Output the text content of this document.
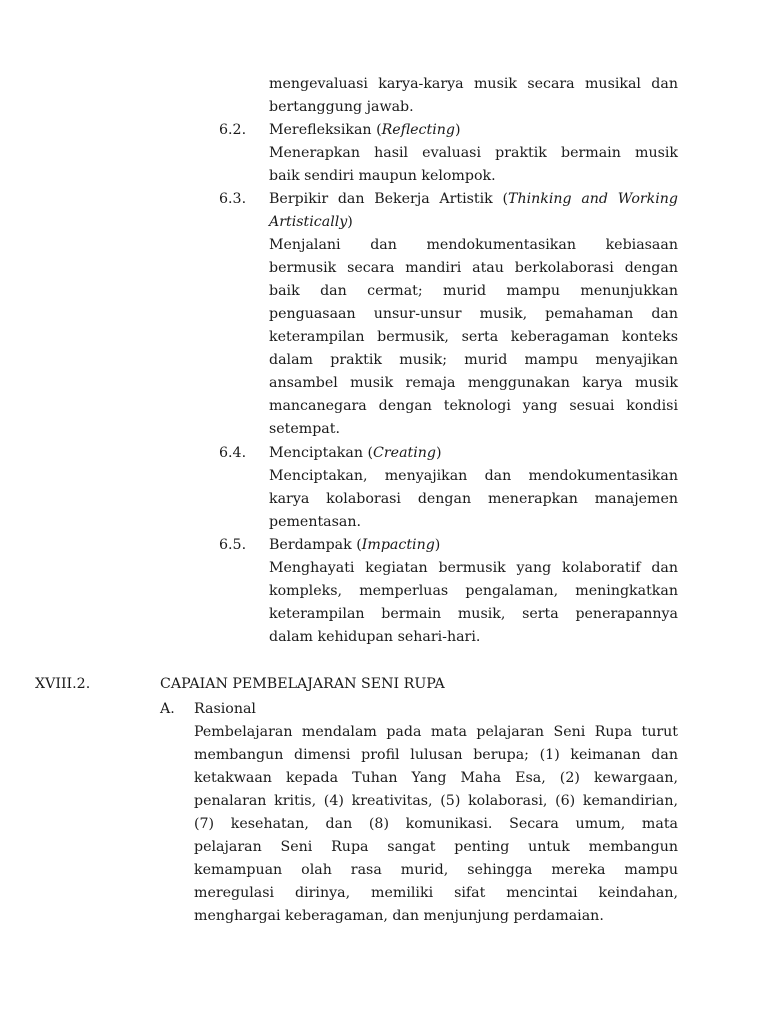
mengevaluasi karya-karya musik secara musikal dan

bertanggung jawab.

6.2. Merefleksikan (Reflecting)

Menerapkan hasil evaluasi praktik bermain musik

baik sendiri maupun kelompok.

6.3. Berpikir dan Bekerja Artistik (Thinking and Working

Artistically)

Menjalani dan mendokumentasikan kebiasaan

bermusik secara mandiri atau berkolaborasi dengan

baik dan cermat; murid mampu menunjukkan

penguasaan unsur-unsur musik, pemahaman dan

keterampilan bermusik, serta keberagaman konteks

dalam praktik musik; murid mampu menyajikan

ansambel musik remaja menggunakan karya musik

mancanegara dengan teknologi yang sesuai kondisi

setempat.

6.4. Menciptakan (Creating)

Menciptakan, menyajikan dan mendokumentasikan

karya kolaborasi dengan menerapkan manajemen

pementasan.

6.5. Berdampak (Impacting)

Menghayati kegiatan bermusik yang kolaboratif dan

kompleks, memperluas pengalaman, meningkatkan

keterampilan bermain musik, serta penerapannya

dalam kehidupan sehari-hari.

XVIII.2.	CAPAIAN PEMBELAJARAN SENI RUPA

A. Rasional

Pembelajaran mendalam pada mata pelajaran Seni Rupa turut

membangun dimensi profil lulusan berupa; (1) keimanan dan

ketakwaan kepada Tuhan Yang Maha Esa, (2) kewargaan,

penalaran kritis, (4) kreativitas, (5) kolaborasi, (6) kemandirian,

(7) kesehatan, dan (8) komunikasi. Secara umum, mata

pelajaran Seni Rupa sangat penting untuk membangun

kemampuan olah rasa murid, sehingga mereka mampu

meregulasi dirinya, memiliki sifat mencintai keindahan,

menghargai keberagaman, dan menjunjung perdamaian.
